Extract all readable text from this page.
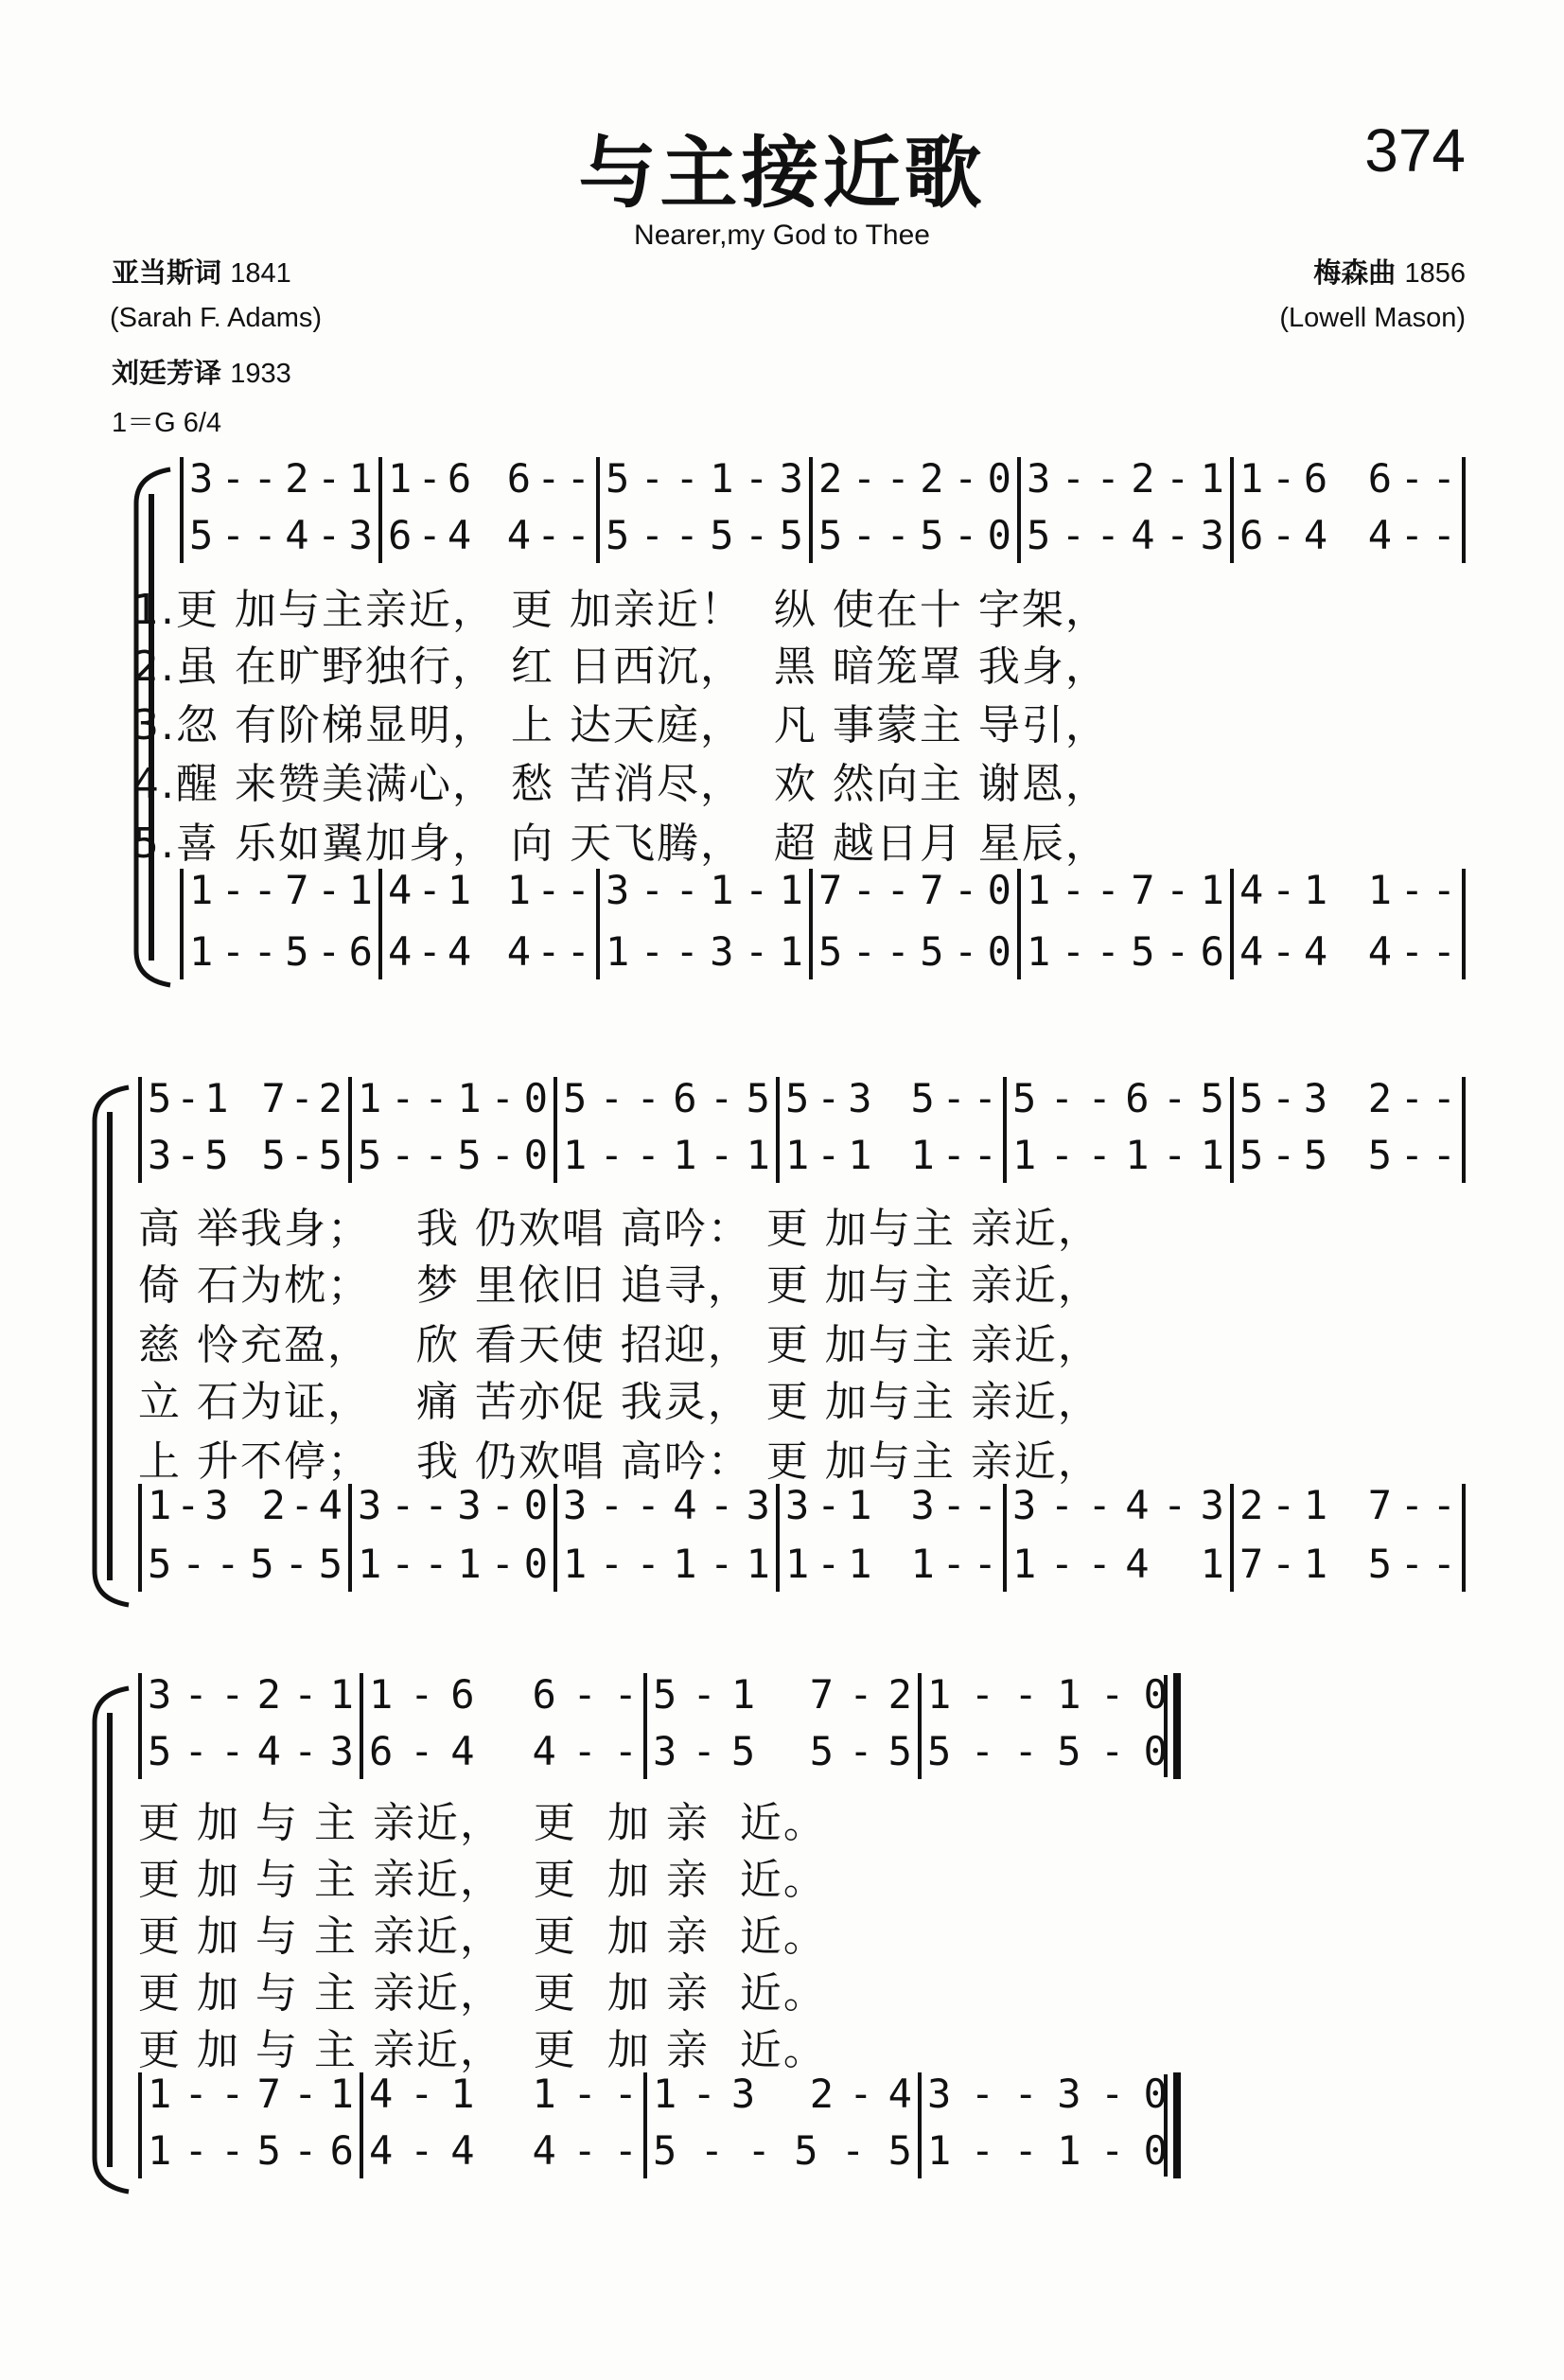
与主接近歌	374
Nearer,my God to Thee
亚当斯词 1841
(Sarah F. Adams)
刘廷芳译 1933
1＝G 6/4
梅森曲 1856
(Lowell Mason)
3 - - 2 - 1
5 - - 4 - 3
1 - - 7 - 1
1 - - 5 - 6
1 - 6
6 - -
6 - 4
4 - -
4 - 1
1 - -
4 - 4
4 - -
5 - - 1 - 3
5 - - 5 - 5
3 - - 1 - 1
1 - - 3 - 1
2 - - 2 - 0
5 - - 5 - 0
7 - - 7 - 0
5 - - 5 - 0
3 - - 2 - 1
5 - - 4 - 3
1 - - 7 - 1
1 - - 5 - 6
1 - 6
6 - -
6 - 4
4 - -
4 - 1
1 - -
4 - 4
4 - -
1.更 加与主亲近， 更 加亲近！  纵 使在十 字架，
2.虽 在旷野独行， 红 日西沉，  黑 暗笼罩 我身，
3.忽 有阶梯显明， 上 达天庭，  凡 事蒙主 导引，
4.醒 来赞美满心， 愁 苦消尽，  欢 然向主 谢恩，
5.喜 乐如翼加身， 向 天飞腾，  超 越日月 星辰，
5 - 1
7 - 2
3 - 5
5 - 5
1 - 3
2 - 4
5 - - 5 - 5
1 - - 1 - 0
5 - - 5 - 0
3 - - 3 - 0
1 - - 1 - 0
5 - - 6 - 5
1 - - 1 - 1
3 - - 4 - 3
1 - - 1 - 1
5 - 3
5 - -
1 - 1
1 - -
3 - 1
3 - -
1 - 1
1 - -
5 - - 6 - 5
1 - - 1 - 1
3 - - 4 - 3
1 - - 4
1
5 - 3
2 - -
5 - 5
5 - -
2 - 1
7 - -
7 - 1
5 - -
高 举我身；   我 仍欢唱 高吟： 更 加与主 亲近，
倚 石为枕；   梦 里依旧 追寻， 更 加与主 亲近，
慈 怜充盈，   欣 看天使 招迎， 更 加与主 亲近，
立 石为证，   痛 苦亦促 我灵， 更 加与主 亲近，
上 升不停；   我 仍欢唱 高吟： 更 加与主 亲近，
3 - - 2 - 1
5 - - 4 - 3
1 - - 7 - 1
1 - - 5 - 6
1 - 6
6 - -
6 - 4
4 - -
4 - 1
1 - -
4 - 4
4 - -
5 - 1
7 - 2
3 - 5
5 - 5
1 - 3
2 - 4
5 - - 5 - 5
1 - - 1 - 0
5 - - 5 - 0
3 - - 3 - 0
1 - - 1 - 0
更 加 与 主 亲近，  更  加 亲  近。
更 加 与 主 亲近，  更  加 亲  近。
更 加 与 主 亲近，  更  加 亲  近。
更 加 与 主 亲近，  更  加 亲  近。
更 加 与 主 亲近，  更  加 亲  近。
